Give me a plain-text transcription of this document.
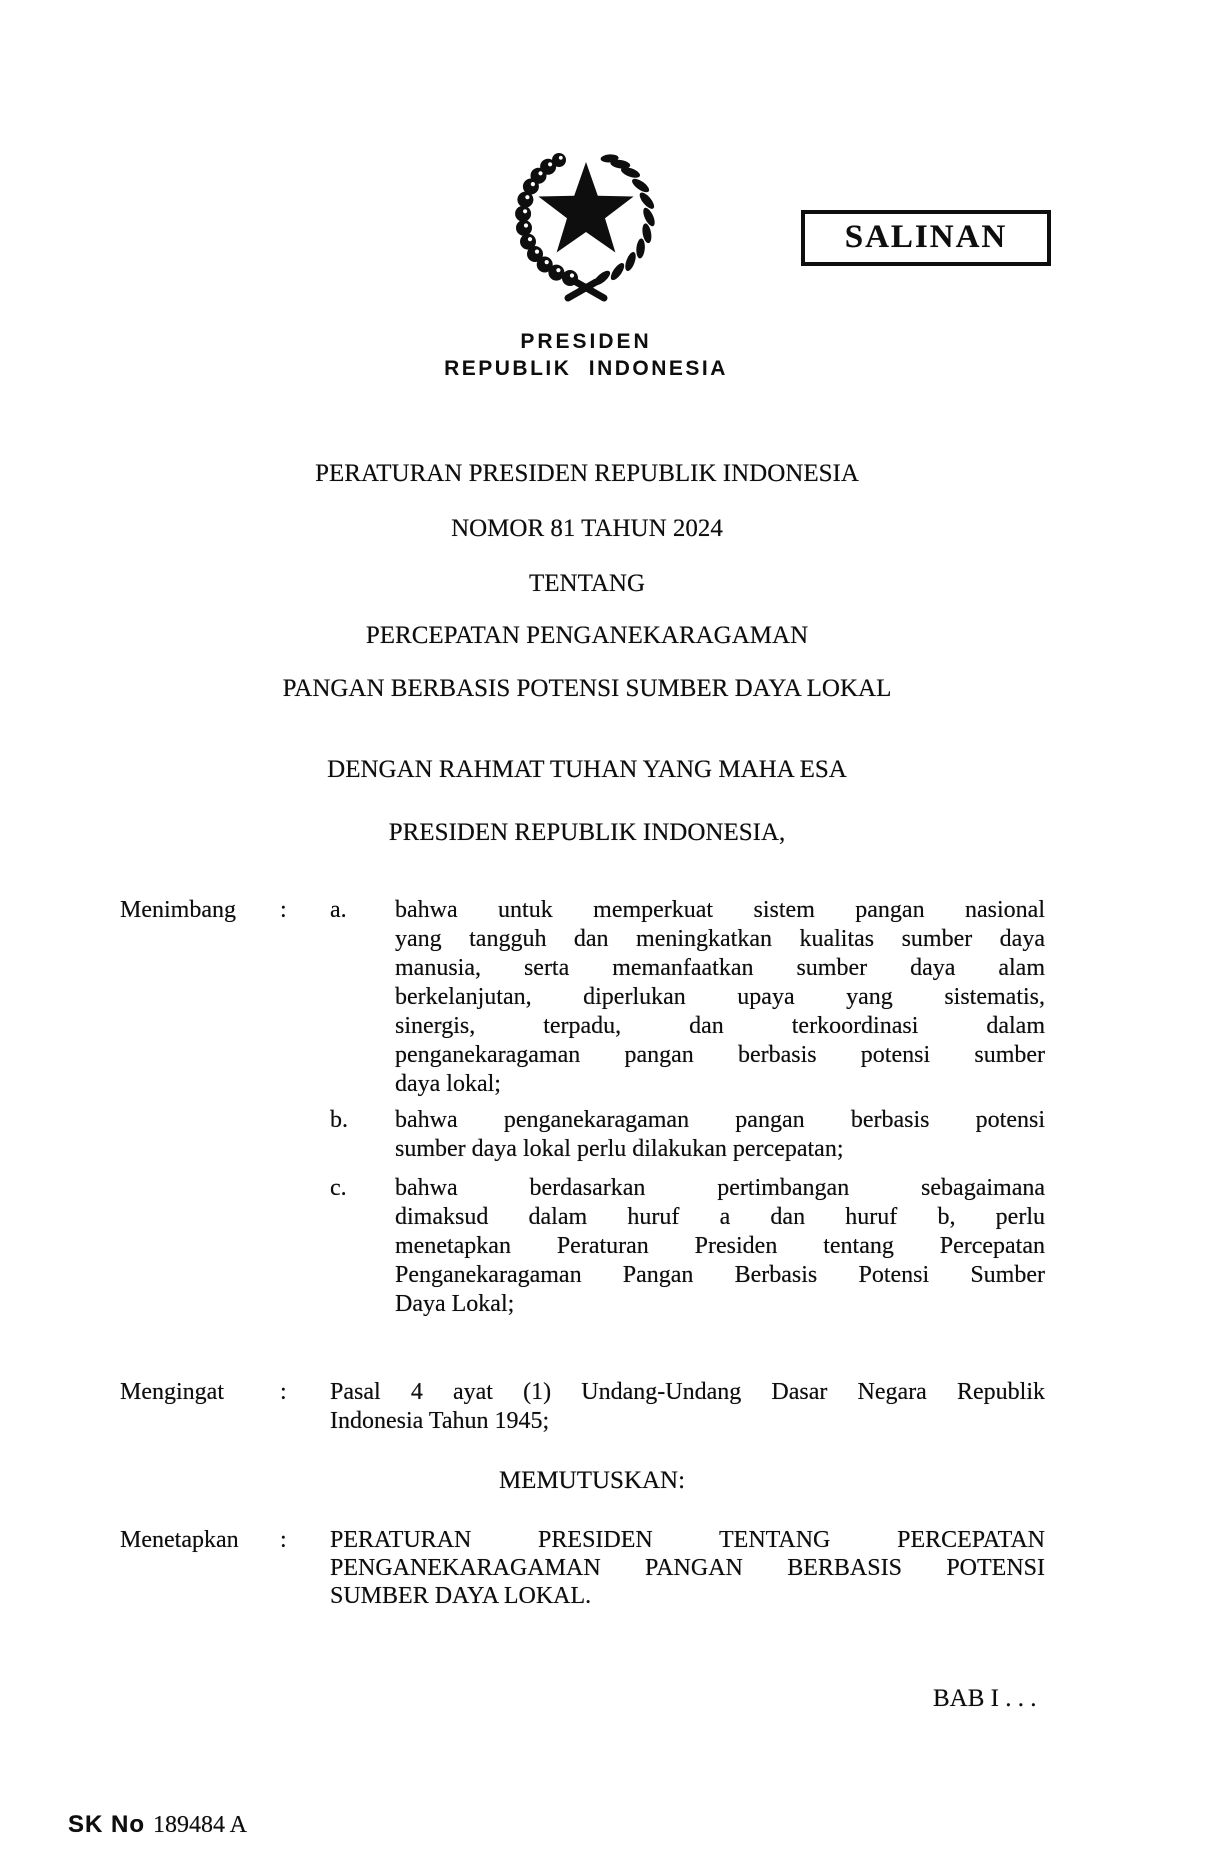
SALINAN
PRESIDEN
REPUBLIK INDONESIA
PERATURAN PRESIDEN REPUBLIK INDONESIA
NOMOR 81 TAHUN 2024
TENTANG
PERCEPATAN PENGANEKARAGAMAN
PANGAN BERBASIS POTENSI SUMBER DAYA LOKAL
DENGAN RAHMAT TUHAN YANG MAHA ESA
PRESIDEN REPUBLIK INDONESIA,
Menimbang : a. bahwa untuk memperkuat sistem pangan nasional
yang tangguh dan meningkatkan kualitas sumber daya
manusia, serta memanfaatkan sumber daya alam
berkelanjutan, diperlukan upaya yang sistematis,
sinergis, terpadu, dan terkoordinasi dalam
penganekaragaman pangan berbasis potensi sumber
daya lokal;
b. bahwa penganekaragaman pangan berbasis potensi
sumber daya lokal perlu dilakukan percepatan;
c. bahwa berdasarkan pertimbangan sebagaimana
dimaksud dalam huruf a dan huruf b, perlu
menetapkan Peraturan Presiden tentang Percepatan
Penganekaragaman Pangan Berbasis Potensi Sumber
Daya Lokal;
Mengingat : Pasal 4 ayat (1) Undang-Undang Dasar Negara Republik
Indonesia Tahun 1945;
MEMUTUSKAN:
Menetapkan : PERATURAN PRESIDEN TENTANG PERCEPATAN
PENGANEKARAGAMAN PANGAN BERBASIS POTENSI
SUMBER DAYA LOKAL.
BAB I . . .
SK No 189484 A
